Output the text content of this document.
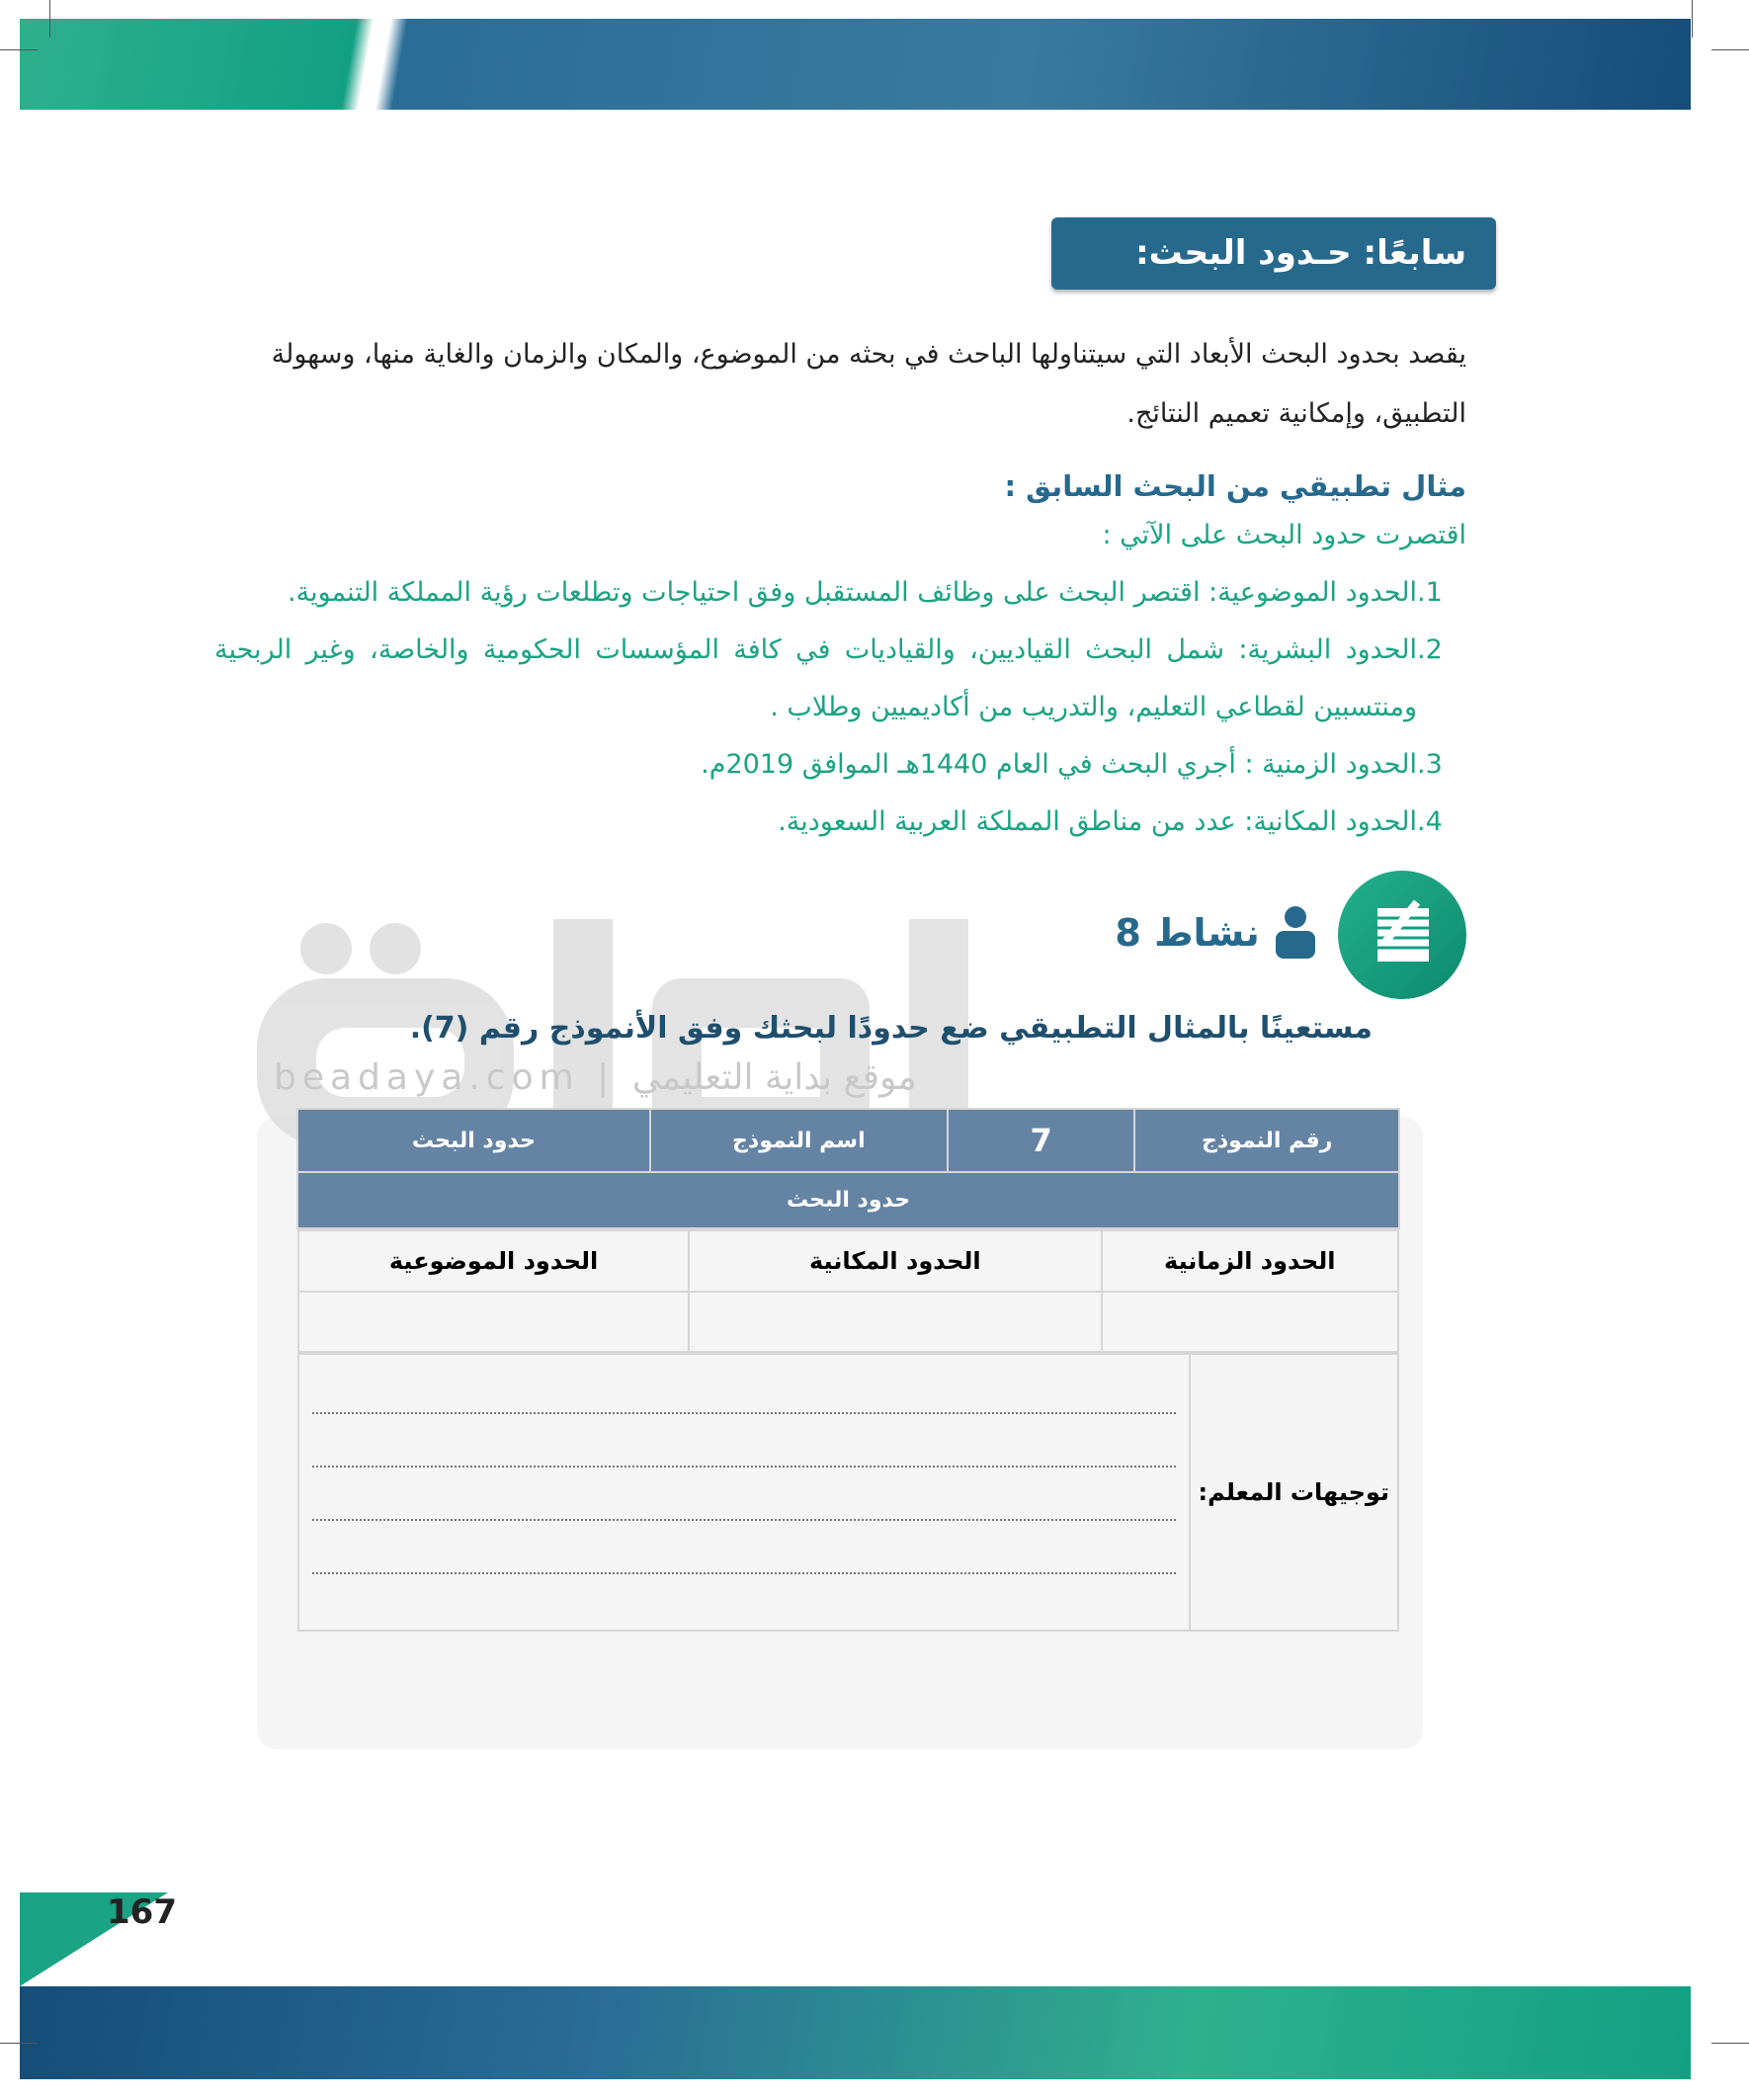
سابعًا: حـدود البحث:
يقصد بحدود البحث الأبعاد التي سيتناولها الباحث في بحثه من الموضوع، والمكان والزمان والغاية منها، وسهولة التطبيق، وإمكانية تعميم النتائج.
مثال تطبيقي من البحث السابق :
اقتصرت حدود البحث على الآتي :
1.
الحدود الموضوعية: اقتصر البحث على وظائف المستقبل وفق احتياجات وتطلعات رؤية المملكة التنموية.
2.
الحدود البشرية: شمل البحث القياديين، والقياديات في كافة المؤسسات الحكومية والخاصة، وغير الربحية ومنتسبين لقطاعي التعليم، والتدريب من أكاديميين وطلاب .
3.
الحدود الزمنية : أجري البحث في العام 1440هـ الموافق 2019م.
4.
الحدود المكانية: عدد من مناطق المملكة العربية السعودية.
نشاط 8
مستعينًا بالمثال التطبيقي ضع حدودًا لبحثك وفق الأنموذج رقم (7).
beadaya.com | موقع بداية التعليمي
رقم النموذج	7	اسم النموذج	حدود البحث
حدود البحث

الحدود الزمانية	الحدود المكانية	الحدود الموضوعية

توجيهات المعلم:	
167
